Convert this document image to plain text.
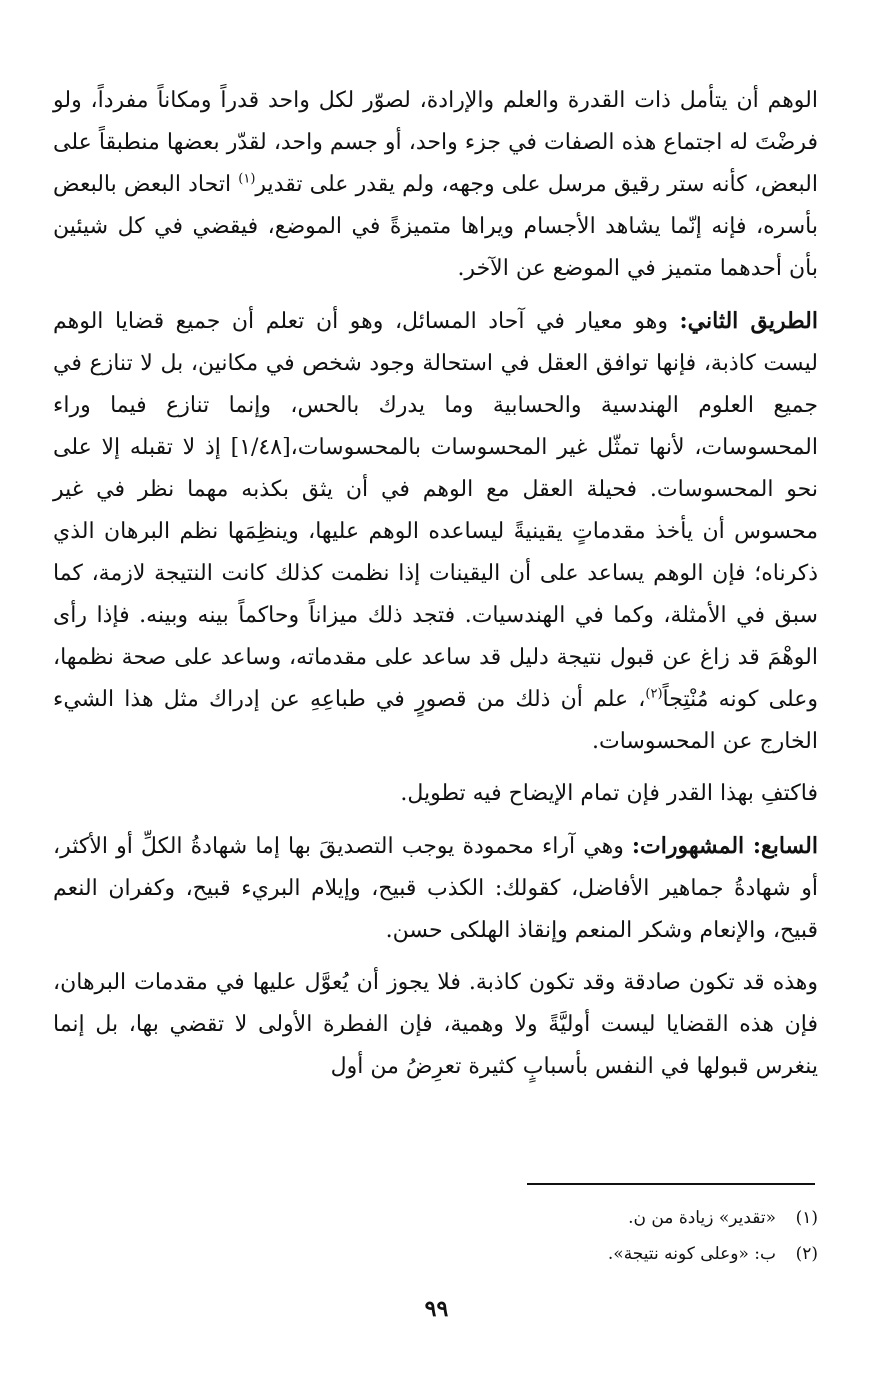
الوهم أن يتأمل ذات القدرة والعلم والإرادة، لصوّر لكل واحد قدراً ومكاناً مفرداً، ولو فرضْتَ له اجتماع هذه الصفات في جزء واحد، أو جسم واحد، لقدّر بعضها منطبقاً على البعض، كأنه ستر رقيق مرسل على وجهه، ولم يقدر على تقدير$^{(١)}$ اتحاد البعض بالبعض بأسره، فإنه إنّما يشاهد الأجسام ويراها متميزةً في الموضع، فيقضي في كل شيئين بأن أحدهما متميز في الموضع عن الآخر.

الطريق الثاني: وهو معيار في آحاد المسائل، وهو أن تعلم أن جميع قضايا الوهم ليست كاذبة، فإنها توافق العقل في استحالة وجود شخص في مكانين، بل لا تنازع في جميع العلوم الهندسية والحسابية وما يدرك بالحس، وإنما تنازع فيما وراء المحسوسات، لأنها تمثّل غير المحسوسات بالمحسوسات،[١/٤٨] إذ لا تقبله إلا على نحو المحسوسات. فحيلة العقل مع الوهم في أن يثق بكذبه مهما نظر في غير محسوس أن يأخذ مقدماتٍ يقينيةً ليساعده الوهم عليها، وينظِمَها نظم البرهان الذي ذكرناه؛ فإن الوهم يساعد على أن اليقينات إذا نظمت كذلك كانت النتيجة لازمة، كما سبق في الأمثلة، وكما في الهندسيات. فتجد ذلك ميزاناً وحاكماً بينه وبينه. فإذا رأى الوهْمَ قد زاغ عن قبول نتيجة دليل قد ساعد على مقدماته، وساعد على صحة نظمها، وعلى كونه مُنْتِجاً$^{(٢)}$، علم أن ذلك من قصورٍ في طباعِهِ عن إدراك مثل هذا الشيء الخارج عن المحسوسات.

فاكتفِ بهذا القدر فإن تمام الإيضاح فيه تطويل.

السابع: المشهورات: وهي آراء محمودة يوجب التصديقَ بها إما شهادةُ الكلِّ أو الأكثر، أو شهادةُ جماهير الأفاضل، كقولك: الكذب قبيح، وإيلام البريء قبيح، وكفران النعم قبيح، والإنعام وشكر المنعم وإنقاذ الهلكى حسن.

وهذه قد تكون صادقة وقد تكون كاذبة. فلا يجوز أن يُعوَّل عليها في مقدمات البرهان، فإن هذه القضايا ليست أوليَّةً ولا وهمية، فإن الفطرة الأولى لا تقضي بها، بل إنما ينغرس قبولها في النفس بأسبابٍ كثيرة تعرِضُ من أول

(١)«تقدير» زيادة من ن.

(٢)ب: «وعلى كونه نتيجة».

٩٩
